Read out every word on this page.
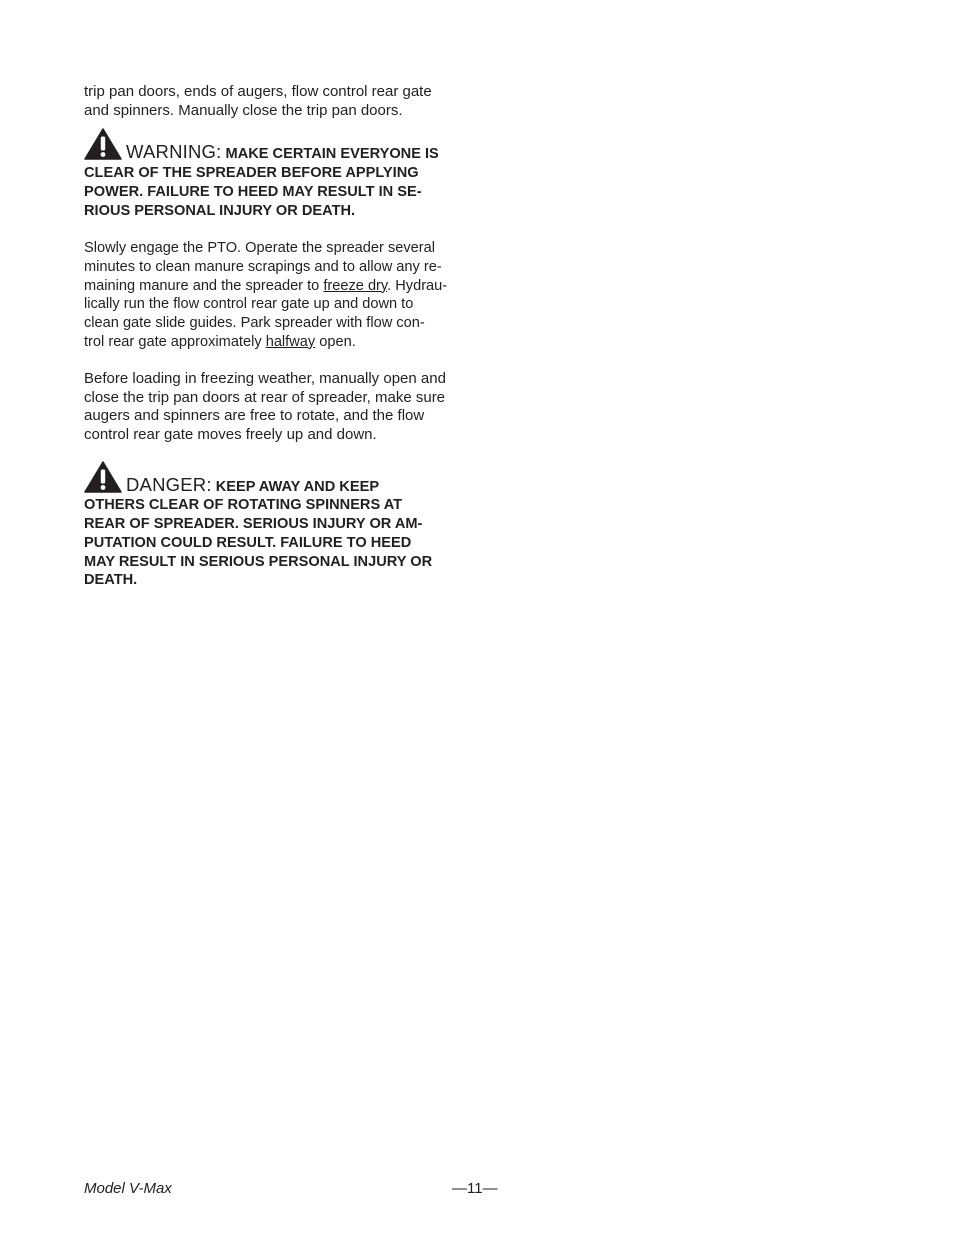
trip pan doors, ends of augers, flow control rear gate
and spinners. Manually close the trip pan doors.

WARNING: MAKE CERTAIN EVERYONE IS
CLEAR OF THE SPREADER BEFORE APPLYING
POWER. FAILURE TO HEED MAY RESULT IN SE-
RIOUS PERSONAL INJURY OR DEATH.

Slowly engage the PTO. Operate the spreader several
minutes to clean manure scrapings and to allow any re-
maining manure and the spreader to freeze dry. Hydrau-
lically run the flow control rear gate up and down to
clean gate slide guides. Park spreader with flow con-
trol rear gate approximately halfway open.

Before loading in freezing weather, manually open and
close the trip pan doors at rear of spreader, make sure
augers and spinners are free to rotate, and the flow
control rear gate moves freely up and down.

DANGER: KEEP AWAY AND KEEP
OTHERS CLEAR OF ROTATING SPINNERS AT
REAR OF SPREADER. SERIOUS INJURY OR AM-
PUTATION COULD RESULT. FAILURE TO HEED
MAY RESULT IN SERIOUS PERSONAL INJURY OR
DEATH.
Model V-Max	—11—
